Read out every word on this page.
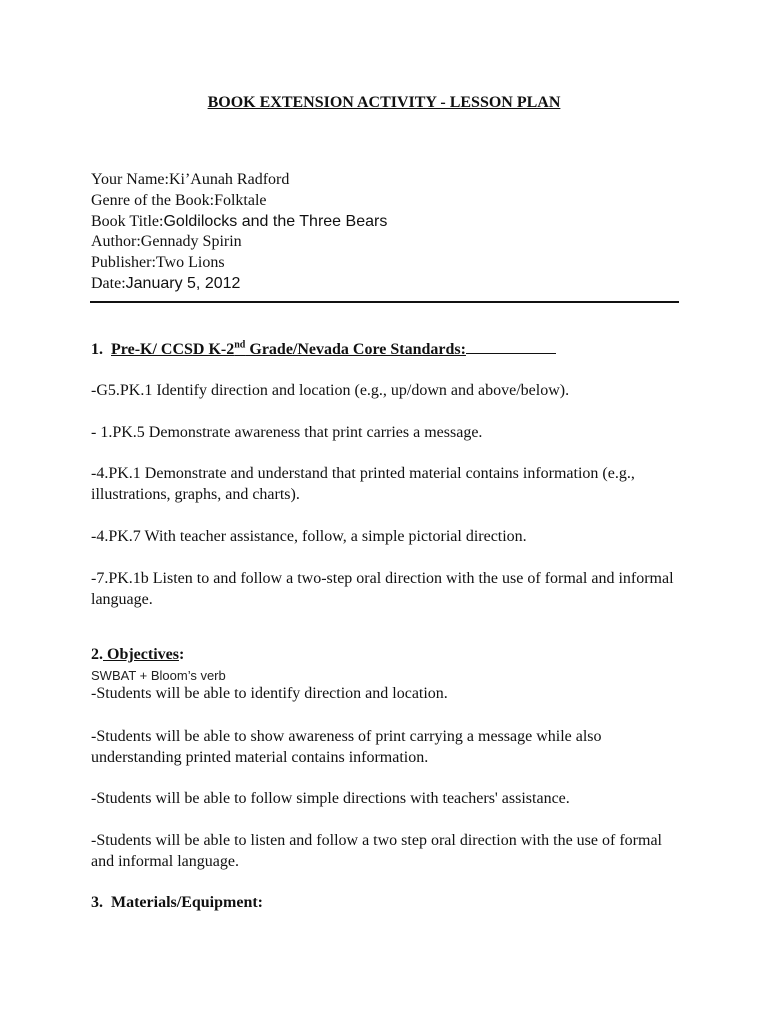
BOOK EXTENSION ACTIVITY - LESSON PLAN
Your Name:Ki’Aunah Radford
Genre of the Book:Folktale
Book Title:Goldilocks and the Three Bears
Author:Gennady Spirin
Publisher:Two Lions
Date:January 5, 2012
1. Pre-K/ CCSD K-2nd Grade/Nevada Core Standards:
-G5.PK.1 Identify direction and location (e.g., up/down and above/below).
- 1.PK.5 Demonstrate awareness that print carries a message.
-4.PK.1 Demonstrate and understand that printed material contains information (e.g., illustrations, graphs, and charts).
-4.PK.7 With teacher assistance, follow, a simple pictorial direction.
-7.PK.1b Listen to and follow a two-step oral direction with the use of formal and informal language.
2. Objectives:
SWBAT + Bloom’s verb
-Students will be able to identify direction and location.
-Students will be able to show awareness of print carrying a message while also understanding printed material contains information.
-Students will be able to follow simple directions with teachers' assistance.
-Students will be able to listen and follow a two step oral direction with the use of formal and informal language.
3. Materials/Equipment:
